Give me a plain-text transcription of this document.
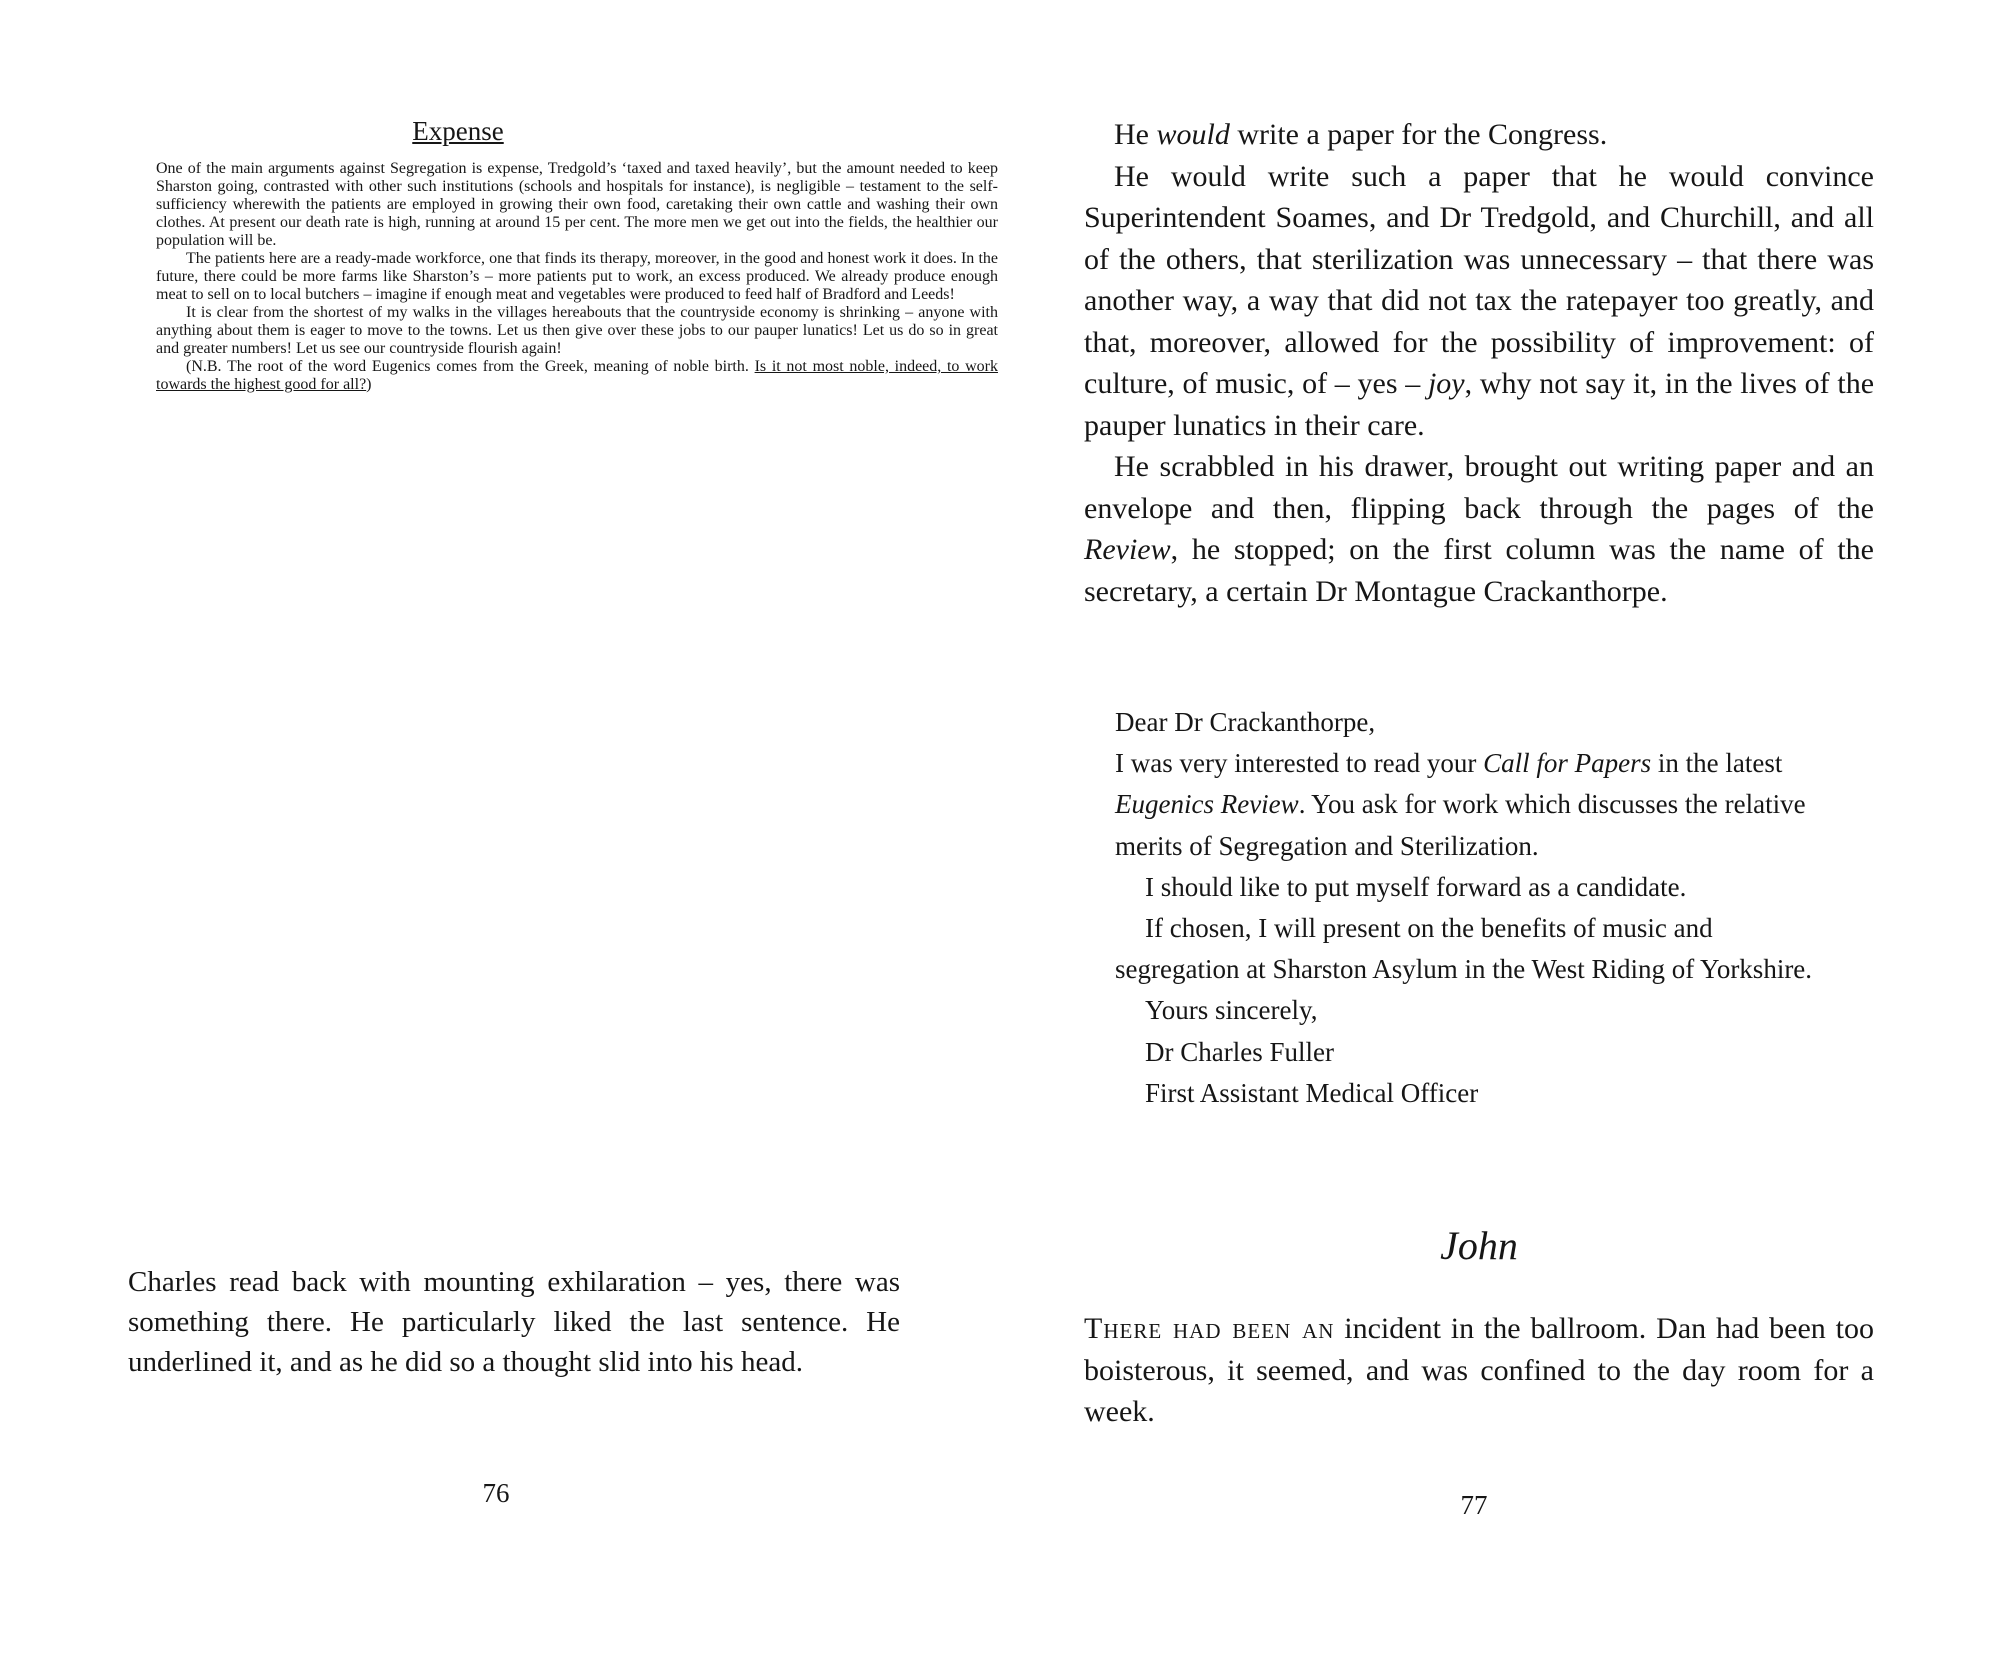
Expense

One of the main arguments against Segregation is expense, Tredgold’s ‘taxed and taxed heavily’, but the amount needed to keep Sharston going, contrasted with other such institutions (schools and hospitals for instance), is negligible – testament to the self-sufficiency wherewith the patients are employed in growing their own food, caretaking their own cattle and washing their own clothes. At present our death rate is high, running at around 15 per cent. The more men we get out into the fields, the healthier our population will be.

The patients here are a ready-made workforce, one that finds its therapy, moreover, in the good and honest work it does. In the future, there could be more farms like Sharston’s – more patients put to work, an excess produced. We already produce enough meat to sell on to local butchers – imagine if enough meat and vegetables were produced to feed half of Bradford and Leeds!

It is clear from the shortest of my walks in the villages hereabouts that the countryside economy is shrinking – anyone with anything about them is eager to move to the towns. Let us then give over these jobs to our pauper lunatics! Let us do so in great and greater numbers! Let us see our countryside flourish again!

(N.B. The root of the word Eugenics comes from the Greek, meaning of noble birth. Is it not most noble, indeed, to work towards the highest good for all?)

Charles read back with mounting exhilaration – yes, there was something there. He particularly liked the last sentence. He underlined it, and as he did so a thought slid into his head.

76

He would write a paper for the Congress.

He would write such a paper that he would convince Superintendent Soames, and Dr Tredgold, and Churchill, and all of the others, that sterilization was unnecessary – that there was another way, a way that did not tax the ratepayer too greatly, and that, moreover, allowed for the possibility of improvement: of culture, of music, of – yes – joy, why not say it, in the lives of the pauper lunatics in their care.

He scrabbled in his drawer, brought out writing paper and an envelope and then, flipping back through the pages of the Review, he stopped; on the first column was the name of the secretary, a certain Dr Montague Crackanthorpe.

Dear Dr Crackanthorpe,

I was very interested to read your Call for Papers in the latest Eugenics Review. You ask for work which discusses the relative merits of Segregation and Sterilization.

I should like to put myself forward as a candidate.

If chosen, I will present on the benefits of music and segregation at Sharston Asylum in the West Riding of Yorkshire.

Yours sincerely,

Dr Charles Fuller

First Assistant Medical Officer

John

There had been an incident in the ballroom. Dan had been too boisterous, it seemed, and was confined to the day room for a week.

77
